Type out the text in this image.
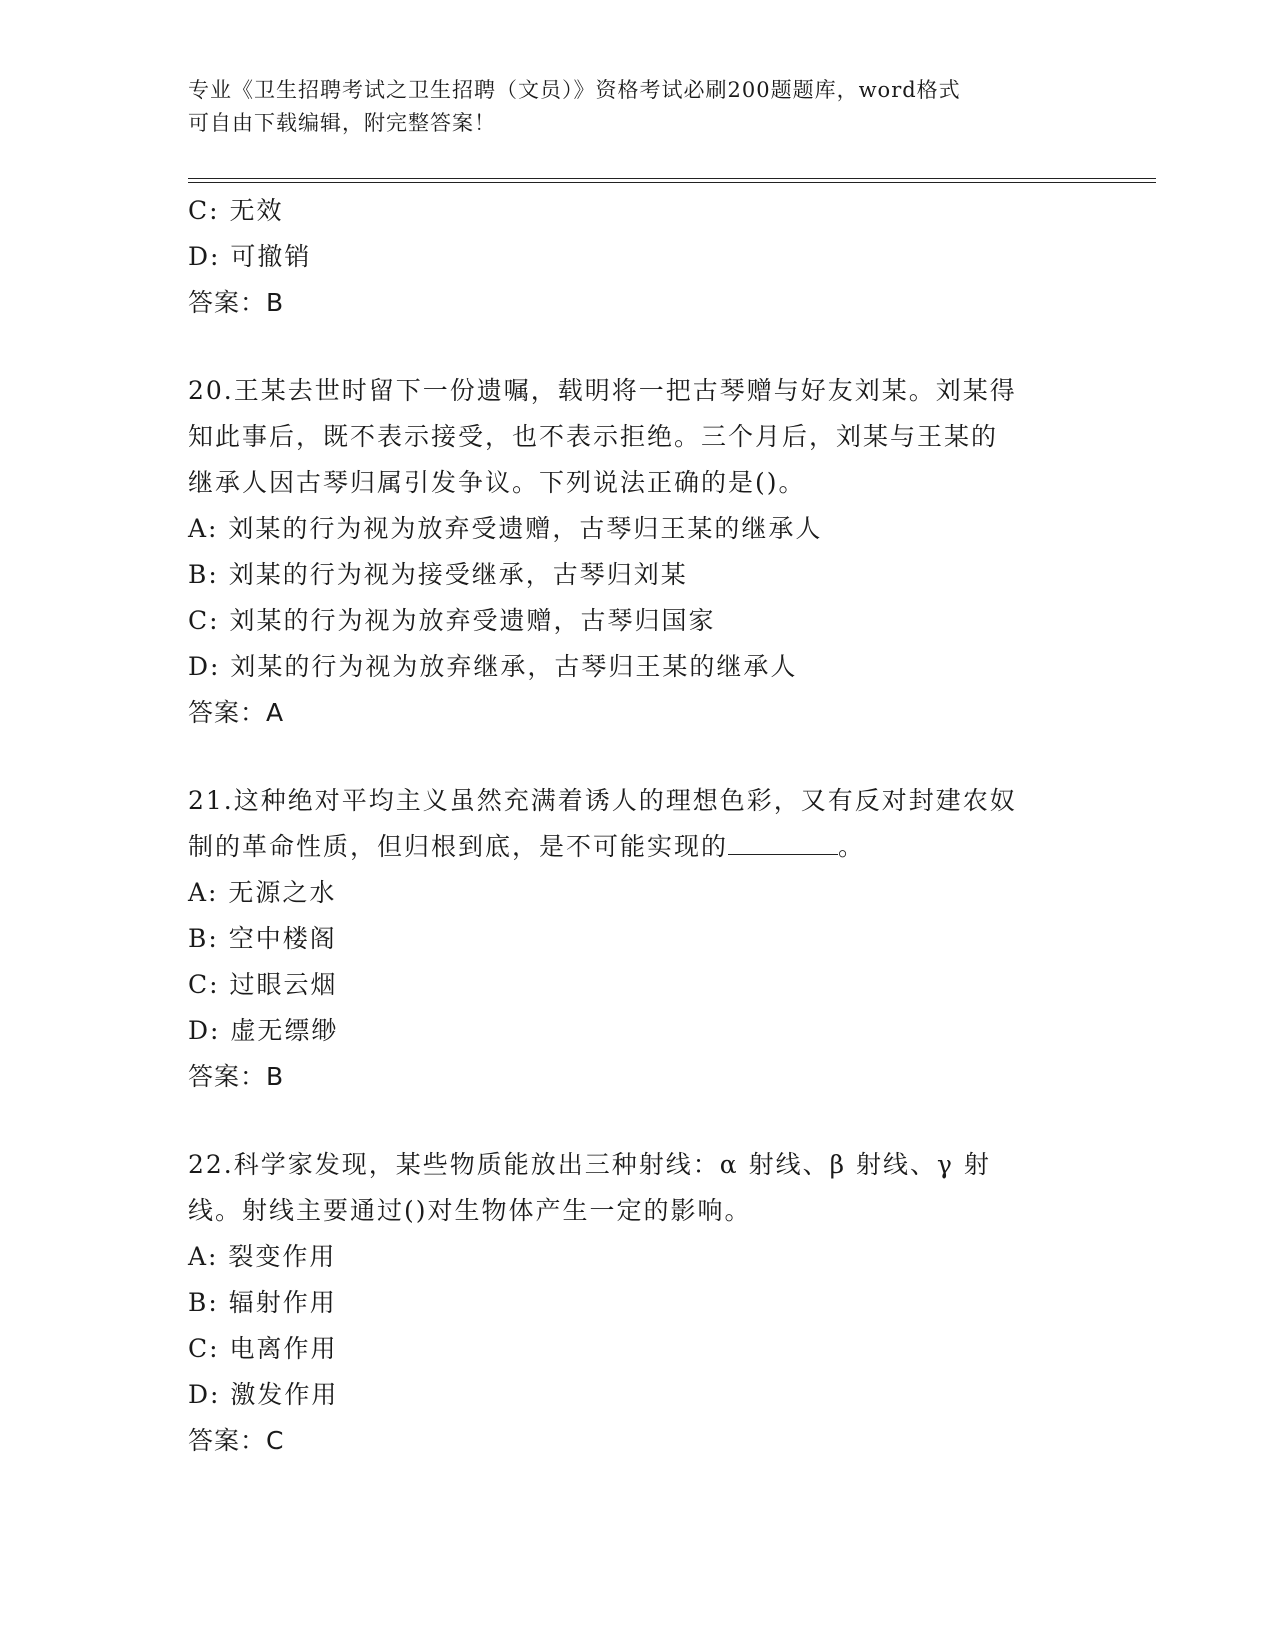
专业《卫生招聘考试之卫生招聘（文员）》资格考试必刷200题题库，word格式
可自由下载编辑，附完整答案！
C: 无效
D: 可撤销
答案：B
20.王某去世时留下一份遗嘱，载明将一把古琴赠与好友刘某。刘某得
知此事后，既不表示接受，也不表示拒绝。三个月后，刘某与王某的
继承人因古琴归属引发争议。下列说法正确的是()。
A: 刘某的行为视为放弃受遗赠，古琴归王某的继承人
B: 刘某的行为视为接受继承，古琴归刘某
C: 刘某的行为视为放弃受遗赠，古琴归国家
D: 刘某的行为视为放弃继承，古琴归王某的继承人
答案：A
21.这种绝对平均主义虽然充满着诱人的理想色彩，又有反对封建农奴
制的革命性质，但归根到底，是不可能实现的	。
A: 无源之水
B: 空中楼阁
C: 过眼云烟
D: 虚无缥缈
答案：B
22.科学家发现，某些物质能放出三种射线：α 射线、β 射线、γ 射
线。射线主要通过()对生物体产生一定的影响。
A: 裂变作用
B: 辐射作用
C: 电离作用
D: 激发作用
答案：C
